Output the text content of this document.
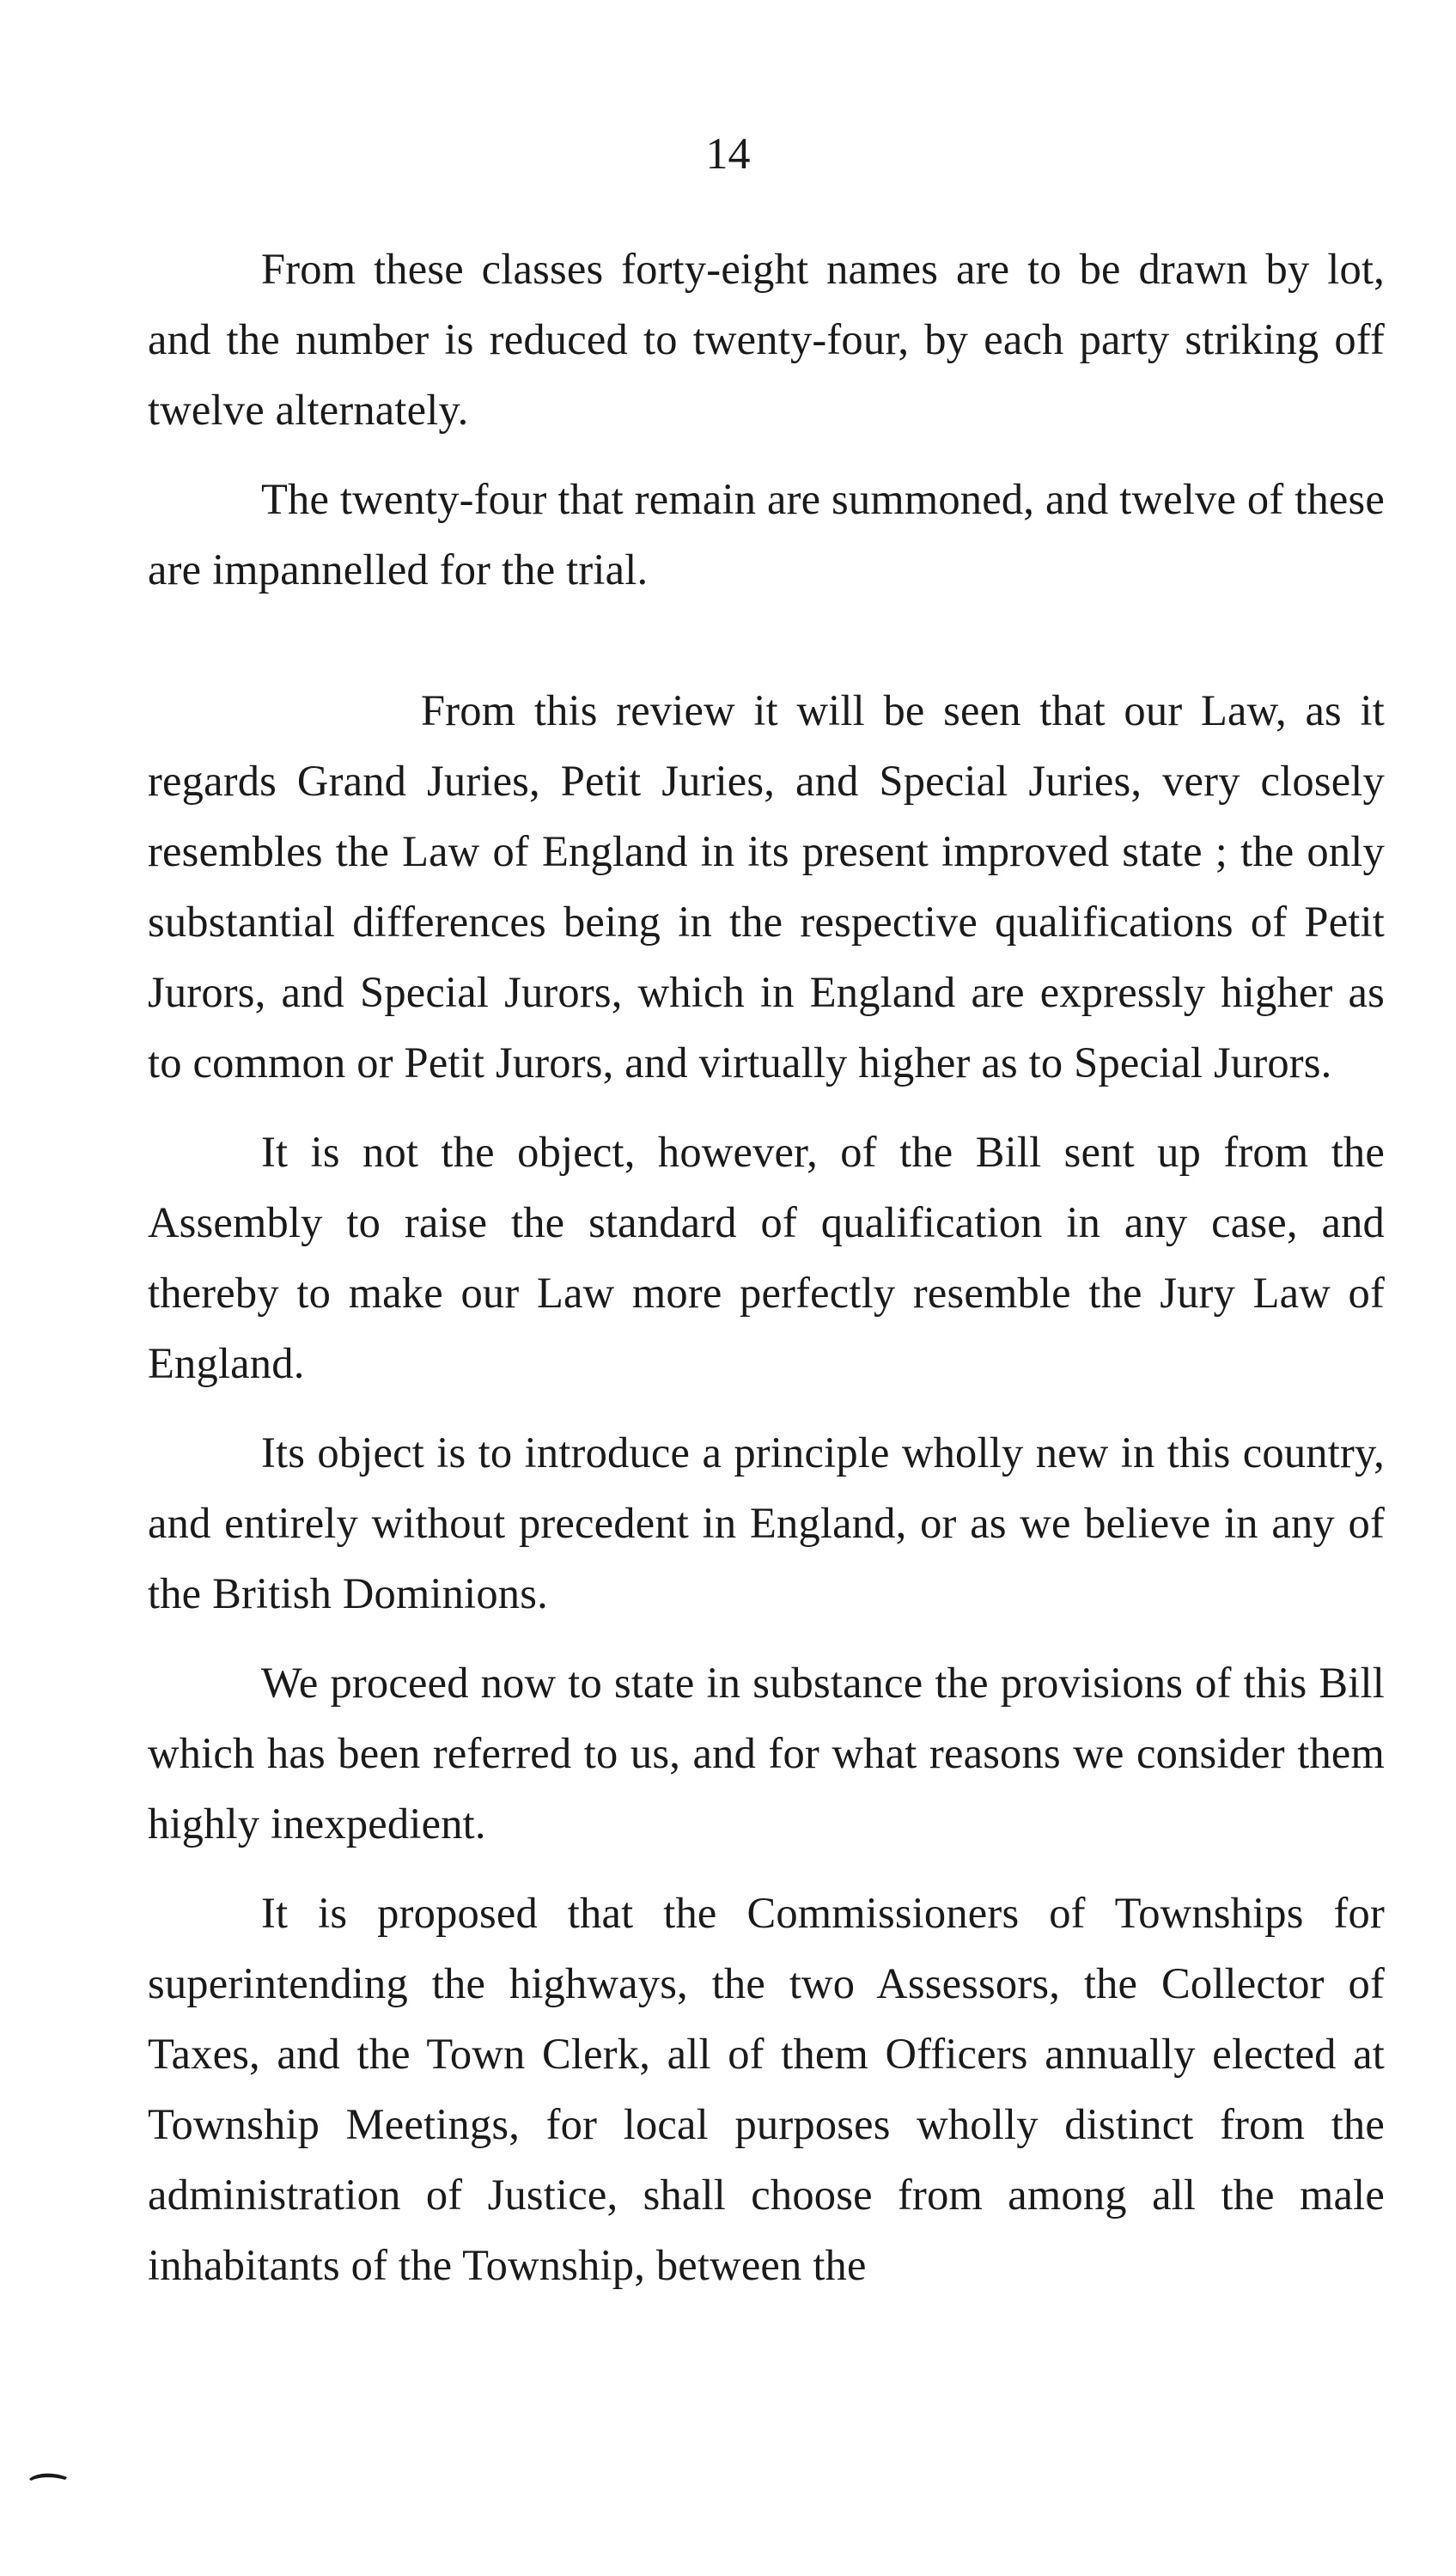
14

From these classes forty-eight names are to be drawn by lot, and the number is reduced to twenty-four, by each party striking off twelve alternately.

The twenty-four that remain are summoned, and twelve of these are impannelled for the trial.

From this review it will be seen that our Law, as it regards Grand Juries, Petit Juries, and Special Juries, very closely resembles the Law of England in its present improved state ; the only substantial differences being in the respective qualifications of Petit Jurors, and Special Jurors, which in England are expressly higher as to common or Petit Jurors, and virtually higher as to Special Jurors.

It is not the object, however, of the Bill sent up from the Assembly to raise the standard of qualification in any case, and thereby to make our Law more perfectly resemble the Jury Law of England.

Its object is to introduce a principle wholly new in this country, and entirely without precedent in England, or as we believe in any of the British Dominions.

We proceed now to state in substance the provisions of this Bill which has been referred to us, and for what reasons we consider them highly inexpedient.

It is proposed that the Commissioners of Townships for superintending the highways, the two Assessors, the Collector of Taxes, and the Town Clerk, all of them Officers annually elected at Township Meetings, for local purposes wholly distinct from the administration of Justice, shall choose from among all the male inhabitants of the Township, between the
